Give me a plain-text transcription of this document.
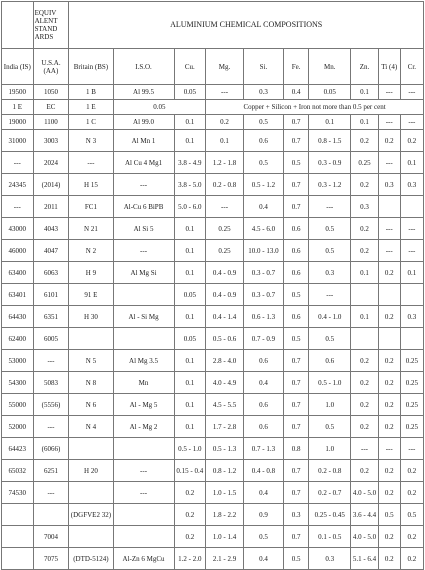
	EQUIV ALENT STAND ARDS	ALUMINIUM CHEMICAL COMPOSITIONS									
India (IS)	U.S.A. (AA)	Britain (BS)	I.S.O.	Cu.	Mg.	Si.	Fe.	Mn.	Zn.	Ti (4)	Cr.
19500	1050	1 B	Al 99.5	0.05	---	0.3	0.4	0.05	0.1	---	---
1 E	EC	1 E	0.05		Copper + Silicon + Iron not more than 0.5 per cent						
19000	1100	1 C	Al 99.0	0.1	0.2	0.5	0.7	0.1	0.1	---	---
31000	3003	N 3	Al Mn 1	0.1	0.1	0.6	0.7	0.8 - 1.5	0.2	0.2	0.2
---	2024	---	Al Cu 4 Mg1	3.8 - 4.9	1.2 - 1.8	0.5	0.5	0.3 - 0.9	0.25	---	0.1
24345	(2014)	H 15	---	3.8 - 5.0	0.2 - 0.8	0.5 - 1.2	0.7	0.3 - 1.2	0.2	0.3	0.3
---	2011	FC1	Al-Cu 6 BiPB	5.0 - 6.0	---	0.4	0.7	---	0.3		
43000	4043	N 21	Al Si 5	0.1	0.25	4.5 - 6.0	0.6	0.5	0.2	---	---
46000	4047	N 2	---	0.1	0.25	10.0 - 13.0	0.6	0.5	0.2	---	---
63400	6063	H 9	Al Mg Si	0.1	0.4 - 0.9	0.3 - 0.7	0.6	0.3	0.1	0.2	0.1
63401	6101	91 E		0.05	0.4 - 0.9	0.3 - 0.7	0.5	---			
64430	6351	H 30	Al - Si Mg	0.1	0.4 - 1.4	0.6 - 1.3	0.6	0.4 - 1.0	0.1	0.2	0.3
62400	6005			0.05	0.5 - 0.6	0.7 - 0.9	0.5	0.5			
53000	---	N 5	Al Mg 3.5	0.1	2.8 - 4.0	0.6	0.7	0.6	0.2	0.2	0.25
54300	5083	N 8	Mn	0.1	4.0 - 4.9	0.4	0.7	0.5 - 1.0	0.2	0.2	0.25
55000	(5556)	N 6	Al - Mg 5	0.1	4.5 - 5.5	0.6	0.7	1.0	0.2	0.2	0.25
52000	---	N 4	Al - Mg 2	0.1	1.7 - 2.8	0.6	0.7	0.5	0.2	0.2	0.25
64423	(6066)			0.5 - 1.0	0.5 - 1.3	0.7 - 1.3	0.8	1.0	---	---	---
65032	6251	H 20	---	0.15 - 0.4	0.8 - 1.2	0.4 - 0.8	0.7	0.2 - 0.8	0.2	0.2	0.2
74530	---		---	0.2	1.0 - 1.5	0.4	0.7	0.2 - 0.7	4.0 - 5.0	0.2	0.2
		(DGFVE2 32)		0.2	1.8 - 2.2	0.9	0.3	0.25 - 0.45	3.6 - 4.4	0.5	0.5
	7004			0.2	1.0 - 1.4	0.5	0.7	0.1 - 0.5	4.0 - 5.0	0.2	0.2
	7075	(DTD-5124)	Al-Zn 6 MgCu	1.2 - 2.0	2.1 - 2.9	0.4	0.5	0.3	5.1 - 6.4	0.2	0.2
